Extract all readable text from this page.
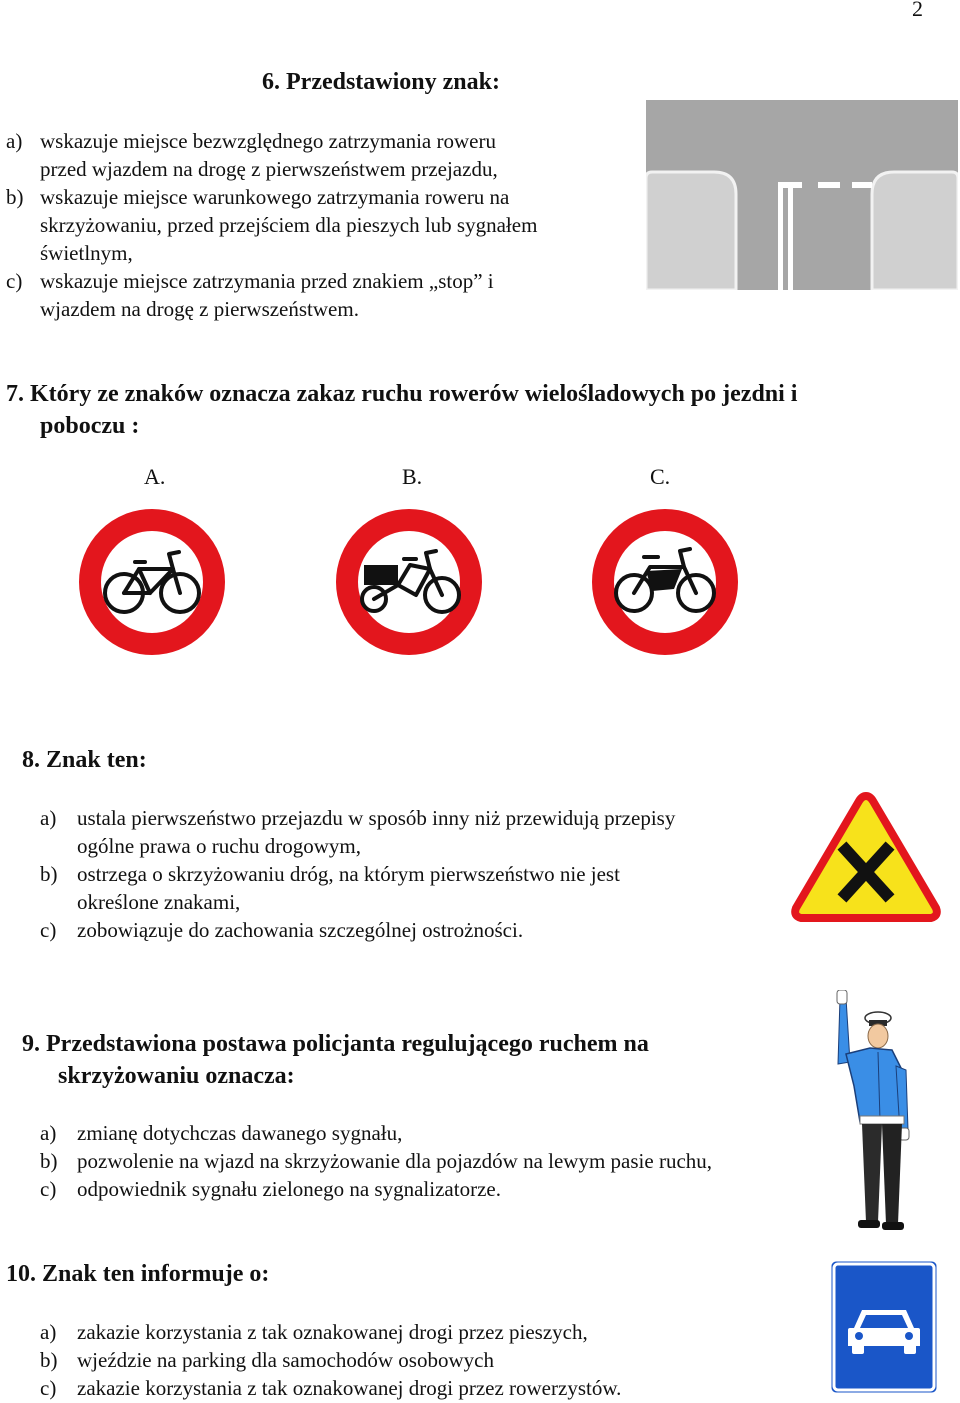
2
6. Przedstawiony znak:
a) wskazuje miejsce bezwzględnego zatrzymania roweru
przed wjazdem na drogę z pierwszeństwem przejazdu,
b) wskazuje miejsce warunkowego zatrzymania roweru na
skrzyżowaniu, przed przejściem dla pieszych lub sygnałem
świetlnym,
c) wskazuje miejsce zatrzymania przed znakiem „stop” i
wjazdem na drogę z pierwszeństwem.
7. Który ze znaków oznacza zakaz ruchu rowerów wielośladowych po jezdni i
poboczu :
A.	B.	C.
8. Znak ten:
a) ustala pierwszeństwo przejazdu w sposób inny niż przewidują przepisy
ogólne prawa o ruchu drogowym,
b) ostrzega o skrzyżowaniu dróg, na którym pierwszeństwo nie jest
określone znakami,
c) zobowiązuje do zachowania szczególnej ostrożności.
9. Przedstawiona postawa policjanta regulującego ruchem na
skrzyżowaniu oznacza:
a) zmianę dotychczas dawanego sygnału,
b) pozwolenie na wjazd na skrzyżowanie dla pojazdów na lewym pasie ruchu,
c) odpowiednik sygnału zielonego na sygnalizatorze.
10. Znak ten informuje o:
a) zakazie korzystania z tak oznakowanej drogi przez pieszych,
b) wjeździe na parking dla samochodów osobowych
c) zakazie korzystania z tak oznakowanej drogi przez rowerzystów.
